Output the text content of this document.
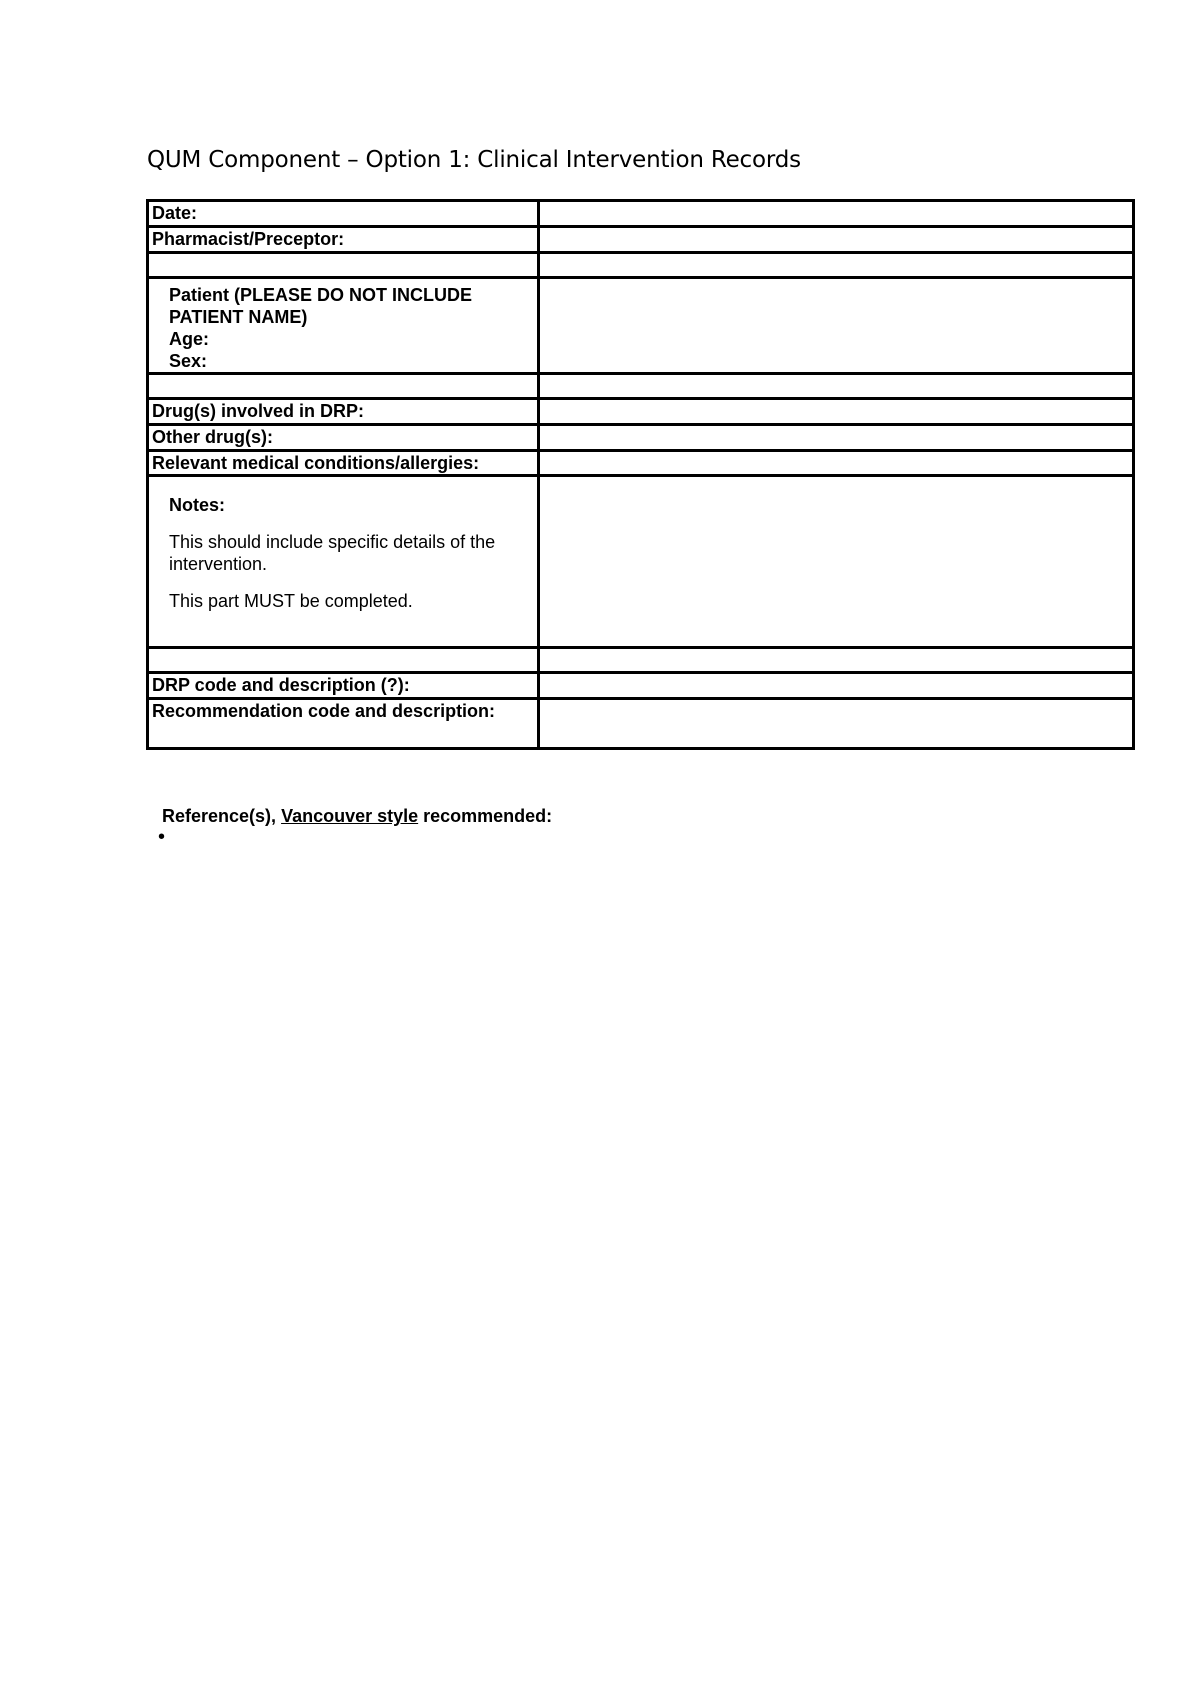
QUM Component – Option 1: Clinical Intervention Records
Date:	
Pharmacist/Preceptor:	

Patient (PLEASE DO NOT INCLUDE
PATIENT NAME)
Age:
Sex:	

Drug(s) involved in DRP:	
Other drug(s):	
Relevant medical conditions/allergies:	

Notes:

This should include specific details of the intervention.

This part MUST be completed.	

DRP code and description (?):	
Recommendation code and description:	
Reference(s), Vancouver style recommended:
•
